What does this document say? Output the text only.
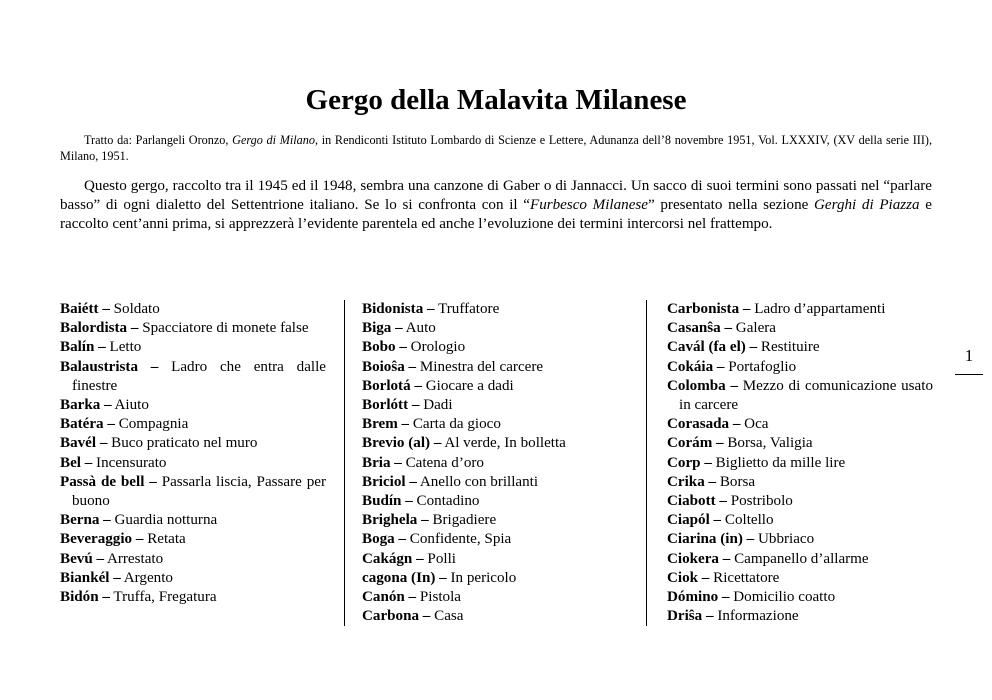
Gergo della Malavita Milanese
Tratto da: Parlangeli Oronzo, Gergo di Milano, in Rendiconti Istituto Lombardo di Scienze e Lettere, Adunanza dell’8 novembre 1951, Vol. LXXXIV, (XV della serie III), Milano, 1951.
Questo gergo, raccolto tra il 1945 ed il 1948, sembra una canzone di Gaber o di Jannacci. Un sacco di suoi termini sono passati nel “parlare basso” di ogni dialetto del Settentrione italiano. Se lo si confronta con il “Furbesco Milanese” presentato nella sezione Gerghi di Piazza e raccolto cent’anni prima, si apprezzerà l’evidente parentela ed anche l’evoluzione dei termini intercorsi nel frattempo.
Baiétt – Soldato
Balordista – Spacciatore di monete false
Balín – Letto
Balaustrista – Ladro che entra dalle finestre
Barka – Aiuto
Batéra – Compagnia
Bavél – Buco praticato nel muro
Bel – Incensurato
Passà de bell – Passarla liscia, Passare per buono
Berna – Guardia notturna
Beveraggio – Retata
Bevú – Arrestato
Biankél – Argento
Bidón – Truffa, Fregatura
Bidonista – Truffatore
Biga – Auto
Bobo – Orologio
Boioŝa – Minestra del carcere
Borlotá – Giocare a dadi
Borlótt – Dadi
Brem – Carta da gioco
Brevio (al) – Al verde, In bolletta
Bria – Catena d’oro
Briciol – Anello con brillanti
Budín – Contadino
Brighela – Brigadiere
Boga – Confidente, Spia
Cakágn – Polli
cagona (In) – In pericolo
Canón – Pistola
Carbona – Casa
Carbonista – Ladro d’appartamenti
Casanŝa – Galera
Cavál (fa el) – Restituire
Cokáia – Portafoglio
Colomba – Mezzo di comunicazione usato in carcere
Corasada – Oca
Corám – Borsa, Valigia
Corp – Biglietto da mille lire
Crika – Borsa
Ciabott – Postribolo
Ciapól – Coltello
Ciarina (in) – Ubbriaco
Ciokera – Campanello d’allarme
Ciok – Ricettatore
Dómino – Domicilio coatto
Driŝa – Informazione
1
